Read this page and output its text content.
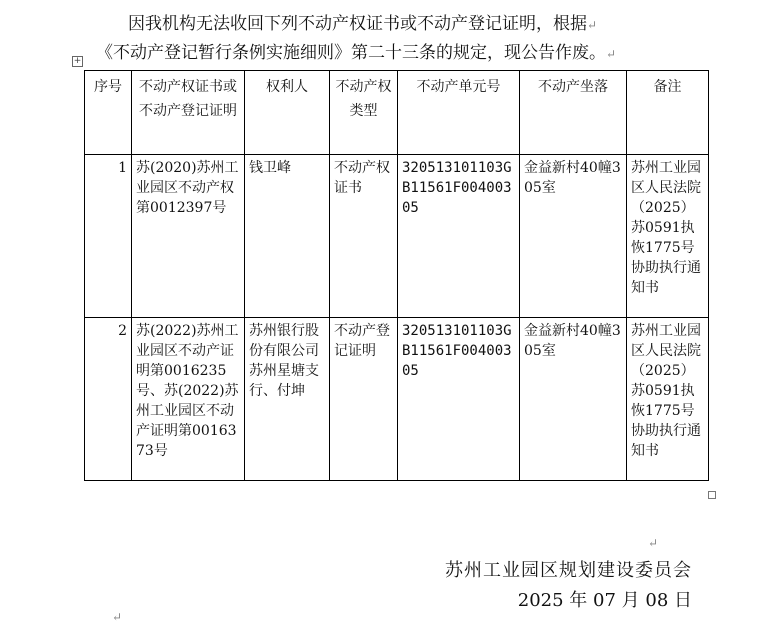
因我机构无法收回下列不动产权证书或不动产登记证明，根据↵
《不动产登记暂行条例实施细则》第二十三条的规定，现公告作废。↵
+
序号	不动产权证书或不动产登记证明	权利人	不动产权类型	不动产单元号	不动产坐落	备注
1	苏(2020)苏州工业园区不动产权第0012397号	钱卫峰	不动产权证书	320513101103GB11561F00400305	金益新村40幢305室	苏州工业园区人民法院（2025）苏0591执恢1775号协助执行通知书
2	苏(2022)苏州工业园区不动产证明第0016235号、苏(2022)苏州工业园区不动产证明第0016373号	苏州银行股份有限公司苏州星塘支行、付坤	不动产登记证明	320513101103GB11561F00400305	金益新村40幢305室	苏州工业园区人民法院（2025）苏0591执恢1775号协助执行通知书
↵
苏州工业园区规划建设委员会
2025 年 07 月 08 日
↵
